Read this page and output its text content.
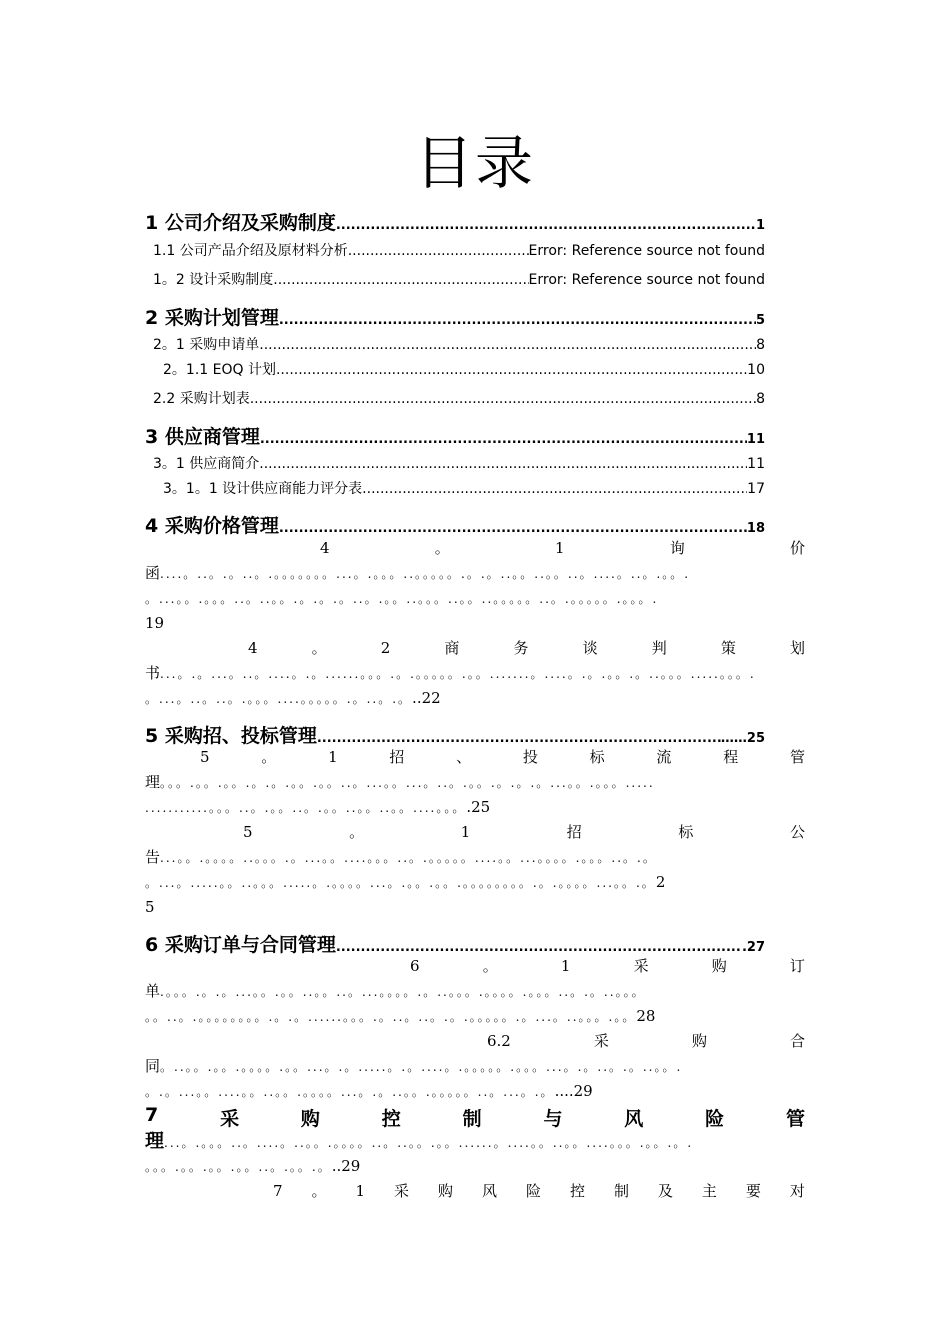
目录
1 公司介绍及采购制度 .....	1
1.1 公司产品介绍及原材料分析 .....	Error: Reference source not found
1。2 设计采购制度 .....	Error: Reference source not found
2 采购计划管理 .....	5
2。1 采购申请单 .....	8
2。1.1 EOQ 计划 .....	10
2.2 采购计划表 .....	8
3 供应商管理 .....	11
3。1 供应商简介 .....	11
3。1。1 设计供应商能力评分表 .....	17
4 采购价格管理 .....	18
4	。	1	询	价
函....。..。.。..。.。。。。。。。...。.。。。..。。。。。.。.。..。。..。。..。....。..。.。。.
。...。。.。。。..。..。。.。.。.。..。.。。..。。。..。。..。。。。。..。.。。。。。.。。。.
19
4	。	2	商	务	谈	判	策	划
书...。.。...。..。....。.。......。。。.。.。。。。。.。。.......。....。.。.。。.。..。。。.....。。。.
。...。..。..。.。。。....。。。。。.。..。.。..22
5 采购招、投标管理 .....	……25
5	。	1	招	、	投	标	流	程	管
理。。。.。。.。。.。.。.。。.。。..。...。。...。..。.。。.。.。.。...。。.。。。.....
...........。。。..。.。。..。.。。..。。..。。....。。。.25
5	。	1	招	标	公
告...。。.。。。。..。。。.。...。。....。。。..。.。。。。。....。。...。。。。.。。。..。.。
。...。.....。。..。。。.....。.。。。。...。.。。.。。.。。。。。。。。.。.。。。。...。。.。2
5
6 采购订单与合同管理 .....	.27
6	。	1	采	购	订
单.。。。.。.。...。。.。。..。。..。...。。。。.。..。。。.。。。。.。。。..。.。..。。。
。。..。.。。。。。。。。.。.。......。。。.。..。..。.。.。。。。。.。...。..。。。.。。28
6.2	采	购	合
同。..。。.。。.。。。。.。。...。.。.....。.。....。.。。。。。.。。。...。.。..。.。..。。.
。.。...。。....。。..。。.。。。。...。.。..。。.。。。。。..。...。.。....29
7	采	购	控	制	与	风	险	管
理...。.。。。..。....。..。。.。。。。..。..。。.。。......。....。。..。。....。。。.。。.。.
。。。.。。.。。.。。..。.。。.。..29
7 。 1 采 购 风 险 控 制 及 主 要 对
